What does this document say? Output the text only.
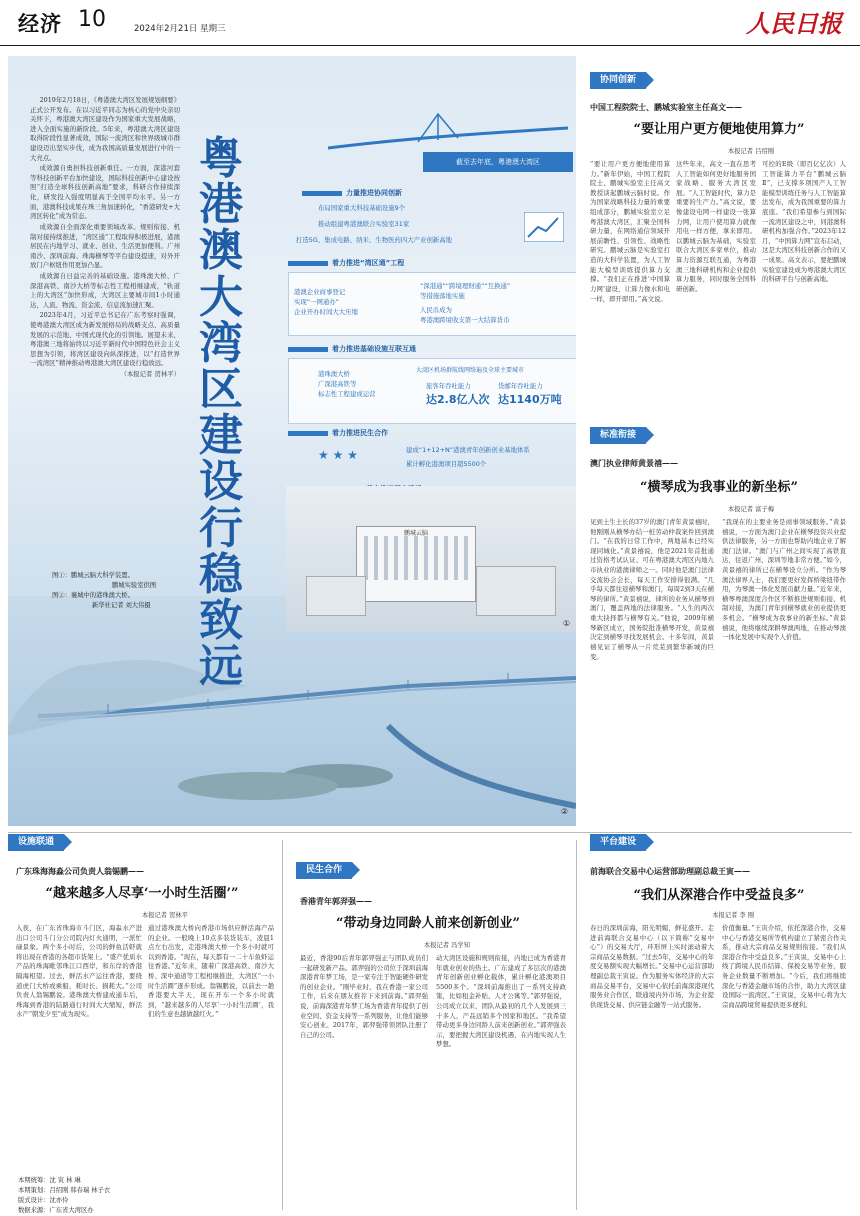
经济 10	2024年2月21日 星期三	人民日报
粤港澳大湾区建设行稳致远
截至去年底，粤港澳大湾区
力量推进协同创新
布局国家重大科技基础设施9个
推动组建粤港澳联合实验室31家
打造5G、集成电路、纳米、生物医药四大产业创新高地
着力推进“湾区通”工程
港澳企业商事登记
实现“一网通办”
企业开办时间大大压缩
“深港通”“跨境理财通”“互换通”
等措施落地实施
人民币成为
粤港澳跨境收支第一大结算货币
着力推进基础设施互联互通
港珠澳大桥
广深港高铁等
标志性工程建成运营
大湾区机场群航线网络遍及全球主要城市
旅客年吞吐能力
达2.8亿人次
货邮年吞吐能力
达1140万吨
着力推进民生合作
★ ★ ★	建成“1+12+N”港澳青年创新创业基地体系
累计孵化港澳项目超5500个
鹏城云脑
①
②

2019年2月18日，《粤港澳大湾区发展规划纲要》正式公开发布。在以习近平同志为核心的党中央亲切关怀下，粤港澳大湾区建设作为国家重大发展战略，进入全面实施的新阶段。5年来，粤港澳大湾区建设取得阶段性显著成效，国际一流湾区和世界级城市群建设迈出坚实步伐，成为我国高质量发展进行中的一大亮点。

成效源自勇担科技创新重任。一方面，深港河套等科技创新平台加快建设，国际科技创新中心建设按照“打造全球科技创新高地”要求，科研合作持续深化，研发投入强度明显高于全国平均水平。另一方面，港澳科技成果在珠三角加速转化，“香港研发+大湾区转化”成为常态。

成效源自全面深化重要领域改革。规则衔接、机制对接持续推进，“湾区通”工程取得积极进展，港澳居民在内地学习、就业、创业、生活更加便利。广州南沙、深圳前海、珠海横琴等平台建设提速，对外开放门户枢纽作用更加凸显。

成效源自日益完善的基础设施。港珠澳大桥、广深港高铁、南沙大桥等标志性工程相继建成，“轨道上的大湾区”加快形成，大湾区主要城市间1小时通达，人流、物流、资金流、信息流加速汇聚。

2023年4月，习近平总书记在广东考察时强调，使粤港澳大湾区成为新发展格局的战略支点、高质量发展的示范地、中国式现代化的引领地。展望未来，粤港澳三地将始终以习近平新时代中国特色社会主义思想为引领，将湾区建设向纵深推进，以“打造世界一流湾区”精神推动粤港澳大湾区建设行稳致远。

（本报记者 贺林平）

图①：鹏城云脑大科学装置。
鹏城实验室供图
图②：襄城中的港珠澳大桥。
新华社记者 刘大伟摄
协同创新
中国工程院院士、鹏城实验室主任高文——
“要让用户更方便地使用算力”
本报记者 吕绍刚
“要让用户更方便地使用算力。”新年伊始，中国工程院院士、鹏城实验室主任高文教授谈起鹏城云脑时说。作为国家战略科技力量的重要组成部分，鹏城实验室立足粤港澳大湾区，汇聚全国科研力量，在网络通信领域开展前瞻性、引领性、战略性研究。鹏城云脑是实验室打造的大科学装置，为人工智能大模型训练提供算力支撑。“我们正在推进‘中国算力网’建设，让算力像水和电一样，即开即用。”高文说。
这些年来，高文一直在思考人工智能如何更好地服务国家战略、服务大湾区发展。“人工智能时代，算力是重要的生产力。”高文说，要像建设电网一样建设一张算力网，让用户使用算力就像用电一样方便，拿来即用。以鹏城云脑为基础，实验室联合大湾区多家单位，推动算力资源互联互通，为粤港澳三地科研机构和企业提供算力服务，同时服务全国科研创新。
可控的E级（即百亿亿次）人工智能算力平台“鹏城云脑Ⅱ”，已支撑多项国产人工智能模型训练任务与人工智能算法发布，成为我国重要的算力底座。“我们希望参与到国际一流湾区建设之中，同港澳科研机构加强合作。”2023年12月，“中国算力网”宣布启动，这是大湾区科技创新合作的又一成果。高文表示，要把鹏城实验室建设成为粤港澳大湾区的科研平台与创新高地。
标准衔接
澳门执业律师黄景禧——
“横琴成为我事业的新坐标”
本报记者 富子梅
见到土生土长的37岁的澳门青年黄景禧时，他刚刚从横琴办结一桩劳动仲裁案件回到澳门。“在我的日常工作中，两地基本已经实现同城化。”黄景禧说，他是2021年首批通过资格考试认证、可在粤港澳大湾区内地九市执业的港澳律师之一。同时他是澳门法律交流协会会长，每天工作安排得很满。“几乎每天都往返横琴和澳门，每周2到3天在横琴的律所。”黄景禧说，律所的业务从横琴到澳门，覆盖两地的法律服务。“人生的两次重大抉择都与横琴有关。”他说，2009年横琴新区成立，国务院批准横琴开发，黄景禧决定到横琴寻找发展机会。十多年间，黄景禧见证了横琴从一片荒芜到繁华新城的巨变。
“我现在的主要业务是商事领域服务。”黄景禧说，一方面为澳门企业在横琴投资兴业提供法律服务，另一方面也帮助内地企业了解澳门法律。“澳门与广州之间实现了高铁直达，往返广州、深圳等地非常方便。”如今，黄景禧的律所已在横琴设立分所。“作为琴澳法律界人士，我们要更好发挥桥梁纽带作用，为琴澳一体化发展贡献力量。”近年来，横琴粤澳深度合作区不断推进规则衔接、机制对接，为澳门青年到横琴就业创业提供更多机会。“横琴成为我事业的新坐标。”黄景禧说，他将继续深耕琴澳两地，在推动琴澳一体化发展中实现个人价值。
设施联通
广东珠海海淼公司负责人翁锡鹏——
“越来越多人尽享‘一小时生活圈’”
本报记者 贺林平
入夜，在广东省珠海市斗门区，海淼水产进出口公司斗门分公司院内灯火通明，一派忙碌景象。两个多小时后，公司的鲜鱼活虾就将出现在香港的各超市货架上。“盛产优质水产品的珠海毗邻珠江口西岸，和东岸的香港隔海相望。过去，鲜活水产运往香港，要绕道虎门大桥或乘船，耗时长、损耗大。”公司负责人翁锡鹏说。港珠澳大桥建成通车后，珠海到香港的陆路通行时间大大缩短，鲜活水产“朝发夕至”成为现实。
通过港珠澳大桥向香港市场供应鲜活海产品的企业。一般晚上10点多装货装车，凌晨1点左右出发，走港珠澳大桥一个多小时就可以到香港。“现在，每天都有一二十车鱼虾运往香港。”近年来，随着广深港高铁、南沙大桥、深中通道等工程相继推进，大湾区“一小时生活圈”逐步形成。翁锡鹏说，以前去一趟香港要大半天，现在开车一个多小时就到，“越来越多的人尽享‘一小时生活圈’，我们的生意也越做越红火。”
本期统筹：沈 寅 林 琳
本期策划：吕绍刚 韩春瑞 林子衣
版式设计：沈亦伶
数据来源：广东省大湾区办
民生合作
香港青年郭羿强——
“带动身边同龄人前来创新创业”
本报记者 冯学知
最近，香港90后青年郭羿强正与团队成员们一起研发新产品。郭羿强的公司位于深圳前海深港青年梦工场，是一家专注于智能硬件研发的创业企业。“刚毕业时，我在香港一家公司工作，后来在朋友推荐下来到前海。”郭羿强说，前海深港青年梦工场为香港青年提供了创业空间、资金支持等一系列服务，让他们能够安心创业。2017年，郭羿强带领团队注册了自己的公司。
动大湾区设施和规则衔接，内地已成为香港青年就业创业的热土。广东建成了多层次的港澳青年创新创业孵化载体，累计孵化港澳项目5500多个。“深圳前海推出了一系列支持政策，比如租金补贴、人才公寓等。”郭羿强说，公司成立以来，团队从最初的几个人发展到三十多人，产品远销多个国家和地区。“我希望带动更多身边同龄人前来创新创业。”郭羿强表示，要把握大湾区建设机遇，在内地实现人生梦想。
平台建设
前海联合交易中心运营部助理副总裁王寅——
“我们从深港合作中受益良多”
本报记者 李 刚
春日的深圳前海，阳光明媚，鲜花盛开。走进前海联合交易中心（以下简称“交易中心”）的交易大厅，环形屏上实时滚动着大宗商品交易数据。“过去5年，交易中心的年度交易额实现大幅增长。”交易中心运营部助理副总裁王寅说。作为服务实体经济的大宗商品交易平台，交易中心依托前海深港现代服务业合作区，联通境内外市场，为企业提供现货交易、供应链金融等一站式服务。
价值衡量。”王寅介绍，依托深港合作，交易中心与香港交易所等机构建立了紧密合作关系，推动大宗商品交易规则衔接。“我们从深港合作中受益良多。”王寅说，交易中心上线了跨境人民币结算、保税交易等业务，服务企业数量不断增加。“今后，我们将继续深化与香港金融市场的合作，助力大湾区建设国际一流湾区。”王寅说，交易中心将为大宗商品跨境贸易提供更多便利。
